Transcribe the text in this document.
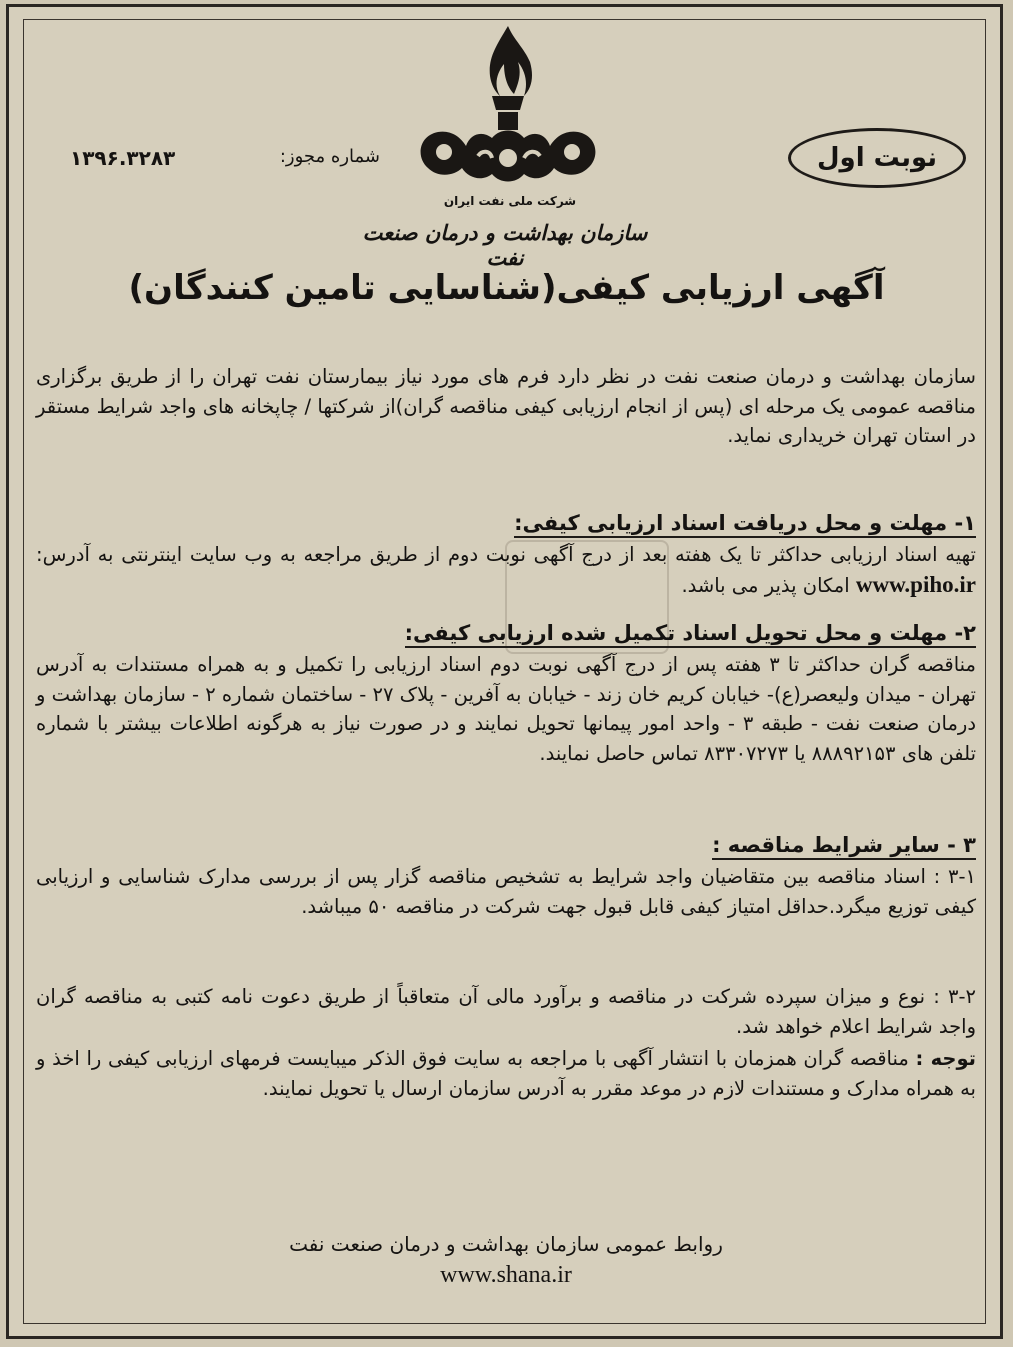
شرکت ملی نفت ایران
سازمان بهداشت و درمان صنعت نفت
نوبت اول
شماره مجوز:
۱۳۹۶.۳۲۸۳
آگهی ارزیابی کیفی(شناسایی تامین کنندگان)
سازمان بهداشت و درمان صنعت نفت در نظر دارد فرم های مورد نیاز بیمارستان نفت تهران را از طریق برگزاری مناقصه عمومی یک مرحله ای (پس از انجام ارزیابی کیفی مناقصه گران)از شرکتها / چاپخانه های واجد شرایط مستقر در استان تهران خریداری نماید.
۱- مهلت و محل دریافت اسناد ارزیابی کیفی:
تهیه اسناد ارزیابی حداکثر تا یک هفته بعد از درج آگهی نوبت دوم از طریق مراجعه به وب سایت اینترنتی به آدرس: www.piho.ir امکان پذیر می باشد.
۲- مهلت و محل تحویل اسناد تکمیل شده ارزیابی کیفی:
مناقصه گران حداکثر تا ۳ هفته پس از درج آگهی نوبت دوم اسناد ارزیابی را تکمیل و به همراه مستندات به آدرس تهران - میدان ولیعصر(ع)- خیابان کریم خان زند - خیابان به آفرین - پلاک ۲۷ - ساختمان شماره ۲ - سازمان بهداشت و درمان صنعت نفت - طبقه ۳ - واحد امور پیمانها تحویل نمایند و در صورت نیاز به هرگونه اطلاعات بیشتر با شماره تلفن های ۸۸۸۹۲۱۵۳ یا ۸۳۳۰۷۲۷۳ تماس حاصل نمایند.
۳ - سایر شرایط مناقصه :
۳-۱ : اسناد مناقصه بین متقاضیان واجد شرایط به تشخیص مناقصه گزار پس از بررسی مدارک شناسایی و ارزیابی کیفی توزیع میگرد.حداقل امتیاز کیفی قابل قبول جهت شرکت در مناقصه ۵۰ میباشد.
۳-۲ : نوع و میزان سپرده شرکت در مناقصه و برآورد مالی آن متعاقباً از طریق دعوت نامه کتبی به مناقصه گران واجد شرایط اعلام خواهد شد.
توجه : مناقصه گران همزمان با انتشار آگهی با مراجعه به سایت فوق الذکر میبایست فرمهای ارزیابی کیفی را اخذ و به همراه مدارک و مستندات لازم در موعد مقرر به آدرس سازمان ارسال یا تحویل نمایند.
روابط عمومی سازمان بهداشت و درمان صنعت نفت
www.shana.ir
